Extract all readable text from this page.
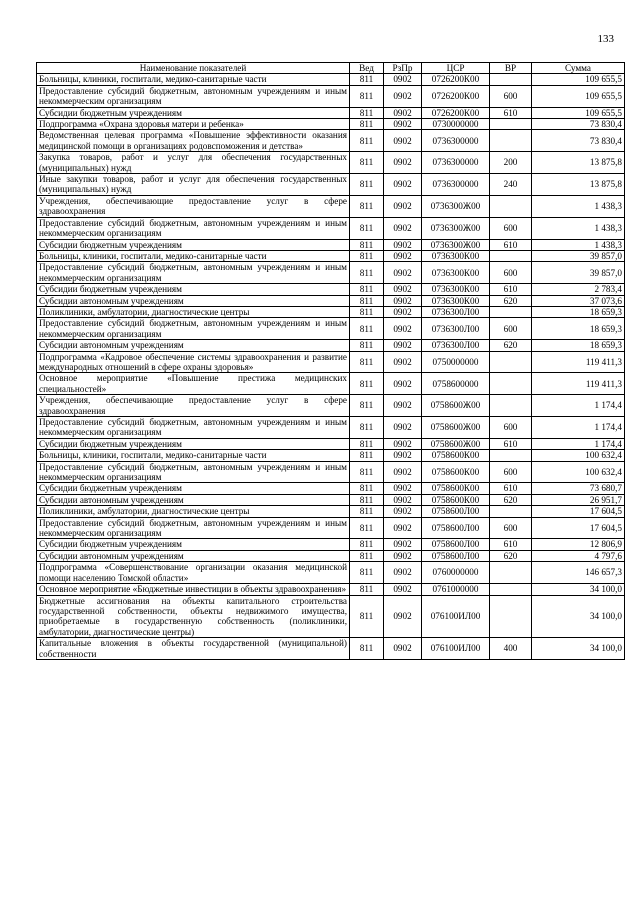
133
Наименование показателей	Вед	РзПр	ЦСР	ВР	Сумма
Больницы, клиники, госпитали, медико-санитарные части	811	0902	0726200К00		109 655,5
Предоставление субсидий бюджетным, автономным учреждениям и иным некоммерческим организациям	811	0902	0726200К00	600	109 655,5
Субсидии бюджетным учреждениям	811	0902	0726200К00	610	109 655,5
Подпрограмма «Охрана здоровья матери и ребенка»	811	0902	0730000000		73 830,4
Ведомственная целевая программа «Повышение эффективности оказания медицинской помощи в организациях родовспоможения и детства»	811	0902	0736300000		73 830,4
Закупка товаров, работ и услуг для обеспечения государственных (муниципальных) нужд	811	0902	0736300000	200	13 875,8
Иные закупки товаров, работ и услуг для обеспечения государственных (муниципальных) нужд	811	0902	0736300000	240	13 875,8
Учреждения, обеспечивающие предоставление услуг в сфере здравоохранения	811	0902	0736300Ж00		1 438,3
Предоставление субсидий бюджетным, автономным учреждениям и иным некоммерческим организациям	811	0902	0736300Ж00	600	1 438,3
Субсидии бюджетным учреждениям	811	0902	0736300Ж00	610	1 438,3
Больницы, клиники, госпитали, медико-санитарные части	811	0902	0736300К00		39 857,0
Предоставление субсидий бюджетным, автономным учреждениям и иным некоммерческим организациям	811	0902	0736300К00	600	39 857,0
Субсидии бюджетным учреждениям	811	0902	0736300К00	610	2 783,4
Субсидии автономным учреждениям	811	0902	0736300К00	620	37 073,6
Поликлиники, амбулатории, диагностические центры	811	0902	0736300Л00		18 659,3
Предоставление субсидий бюджетным, автономным учреждениям и иным некоммерческим организациям	811	0902	0736300Л00	600	18 659,3
Субсидии автономным учреждениям	811	0902	0736300Л00	620	18 659,3
Подпрограмма «Кадровое обеспечение системы здравоохранения и развитие международных отношений в сфере охраны здоровья»	811	0902	0750000000		119 411,3
Основное мероприятие «Повышение престижа медицинских специальностей»	811	0902	0758600000		119 411,3
Учреждения, обеспечивающие предоставление услуг в сфере здравоохранения	811	0902	0758600Ж00		1 174,4
Предоставление субсидий бюджетным, автономным учреждениям и иным некоммерческим организациям	811	0902	0758600Ж00	600	1 174,4
Субсидии бюджетным учреждениям	811	0902	0758600Ж00	610	1 174,4
Больницы, клиники, госпитали, медико-санитарные части	811	0902	0758600К00		100 632,4
Предоставление субсидий бюджетным, автономным учреждениям и иным некоммерческим организациям	811	0902	0758600К00	600	100 632,4
Субсидии бюджетным учреждениям	811	0902	0758600К00	610	73 680,7
Субсидии автономным учреждениям	811	0902	0758600К00	620	26 951,7
Поликлиники, амбулатории, диагностические центры	811	0902	0758600Л00		17 604,5
Предоставление субсидий бюджетным, автономным учреждениям и иным некоммерческим организациям	811	0902	0758600Л00	600	17 604,5
Субсидии бюджетным учреждениям	811	0902	0758600Л00	610	12 806,9
Субсидии автономным учреждениям	811	0902	0758600Л00	620	4 797,6
Подпрограмма «Совершенствование организации оказания медицинской помощи населению Томской области»	811	0902	0760000000		146 657,3
Основное мероприятие «Бюджетные инвестиции в объекты здравоохранения»	811	0902	0761000000		34 100,0
Бюджетные ассигнования на объекты капитального строительства государственной собственности, объекты недвижимого имущества, приобретаемые в государственную собственность (поликлиники, амбулатории, диагностические центры)	811	0902	076100ИЛ00		34 100,0
Капитальные вложения в объекты государственной (муниципальной) собственности	811	0902	076100ИЛ00	400	34 100,0
